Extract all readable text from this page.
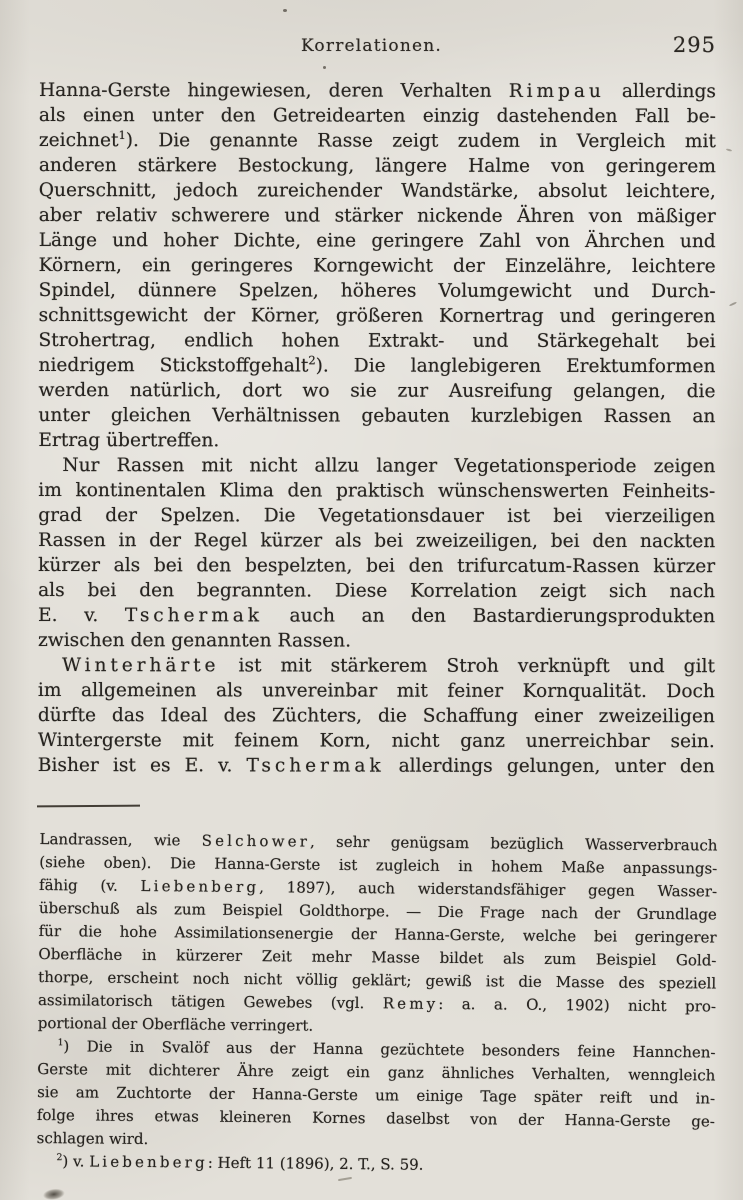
Korrelationen.	295
Hanna-Gerste hingewiesen, deren Verhalten Rimpau allerdings
als einen unter den Getreidearten einzig dastehenden Fall be-
zeichnet$^1$). Die genannte Rasse zeigt zudem in Vergleich mit
anderen stärkere Bestockung, längere Halme von geringerem
Querschnitt, jedoch zureichender Wandstärke, absolut leichtere,
aber relativ schwerere und stärker nickende Ähren von mäßiger
Länge und hoher Dichte, eine geringere Zahl von Ährchen und
Körnern, ein geringeres Korngewicht der Einzelähre, leichtere
Spindel, dünnere Spelzen, höheres Volumgewicht und Durch-
schnittsgewicht der Körner, größeren Kornertrag und geringeren
Strohertrag, endlich hohen Extrakt- und Stärkegehalt bei
niedrigem Stickstoffgehalt$^2$). Die langlebigeren Erektumformen
werden natürlich, dort wo sie zur Ausreifung gelangen, die
unter gleichen Verhältnissen gebauten kurzlebigen Rassen an
Ertrag übertreffen.
Nur Rassen mit nicht allzu langer Vegetationsperiode zeigen
im kontinentalen Klima den praktisch wünschenswerten Feinheits-
grad der Spelzen. Die Vegetationsdauer ist bei vierzeiligen
Rassen in der Regel kürzer als bei zweizeiligen, bei den nackten
kürzer als bei den bespelzten, bei den trifurcatum-Rassen kürzer
als bei den begrannten. Diese Korrelation zeigt sich nach
E. v. Tschermak auch an den Bastardierungsprodukten
zwischen den genannten Rassen.
Winterhärte ist mit stärkerem Stroh verknüpft und gilt
im allgemeinen als unvereinbar mit feiner Kornqualität. Doch
dürfte das Ideal des Züchters, die Schaffung einer zweizeiligen
Wintergerste mit feinem Korn, nicht ganz unerreichbar sein.
Bisher ist es E. v. Tschermak allerdings gelungen, unter den
Landrassen, wie Selchower, sehr genügsam bezüglich Wasserverbrauch
(siehe oben). Die Hanna-Gerste ist zugleich in hohem Maße anpassungs-
fähig (v. Liebenberg, 1897), auch widerstandsfähiger gegen Wasser-
überschuß als zum Beispiel Goldthorpe. — Die Frage nach der Grundlage
für die hohe Assimilationsenergie der Hanna-Gerste, welche bei geringerer
Oberfläche in kürzerer Zeit mehr Masse bildet als zum Beispiel Gold-
thorpe, erscheint noch nicht völlig geklärt; gewiß ist die Masse des speziell
assimilatorisch tätigen Gewebes (vgl. Remy: a. a. O., 1902) nicht pro-
portional der Oberfläche verringert.
$^1$) Die in Svalöf aus der Hanna gezüchtete besonders feine Hannchen-
Gerste mit dichterer Ähre zeigt ein ganz ähnliches Verhalten, wenngleich
sie am Zuchtorte der Hanna-Gerste um einige Tage später reift und in-
folge ihres etwas kleineren Kornes daselbst von der Hanna-Gerste ge-
schlagen wird.
$^2$) v. Liebenberg: Heft 11 (1896), 2. T., S. 59.
